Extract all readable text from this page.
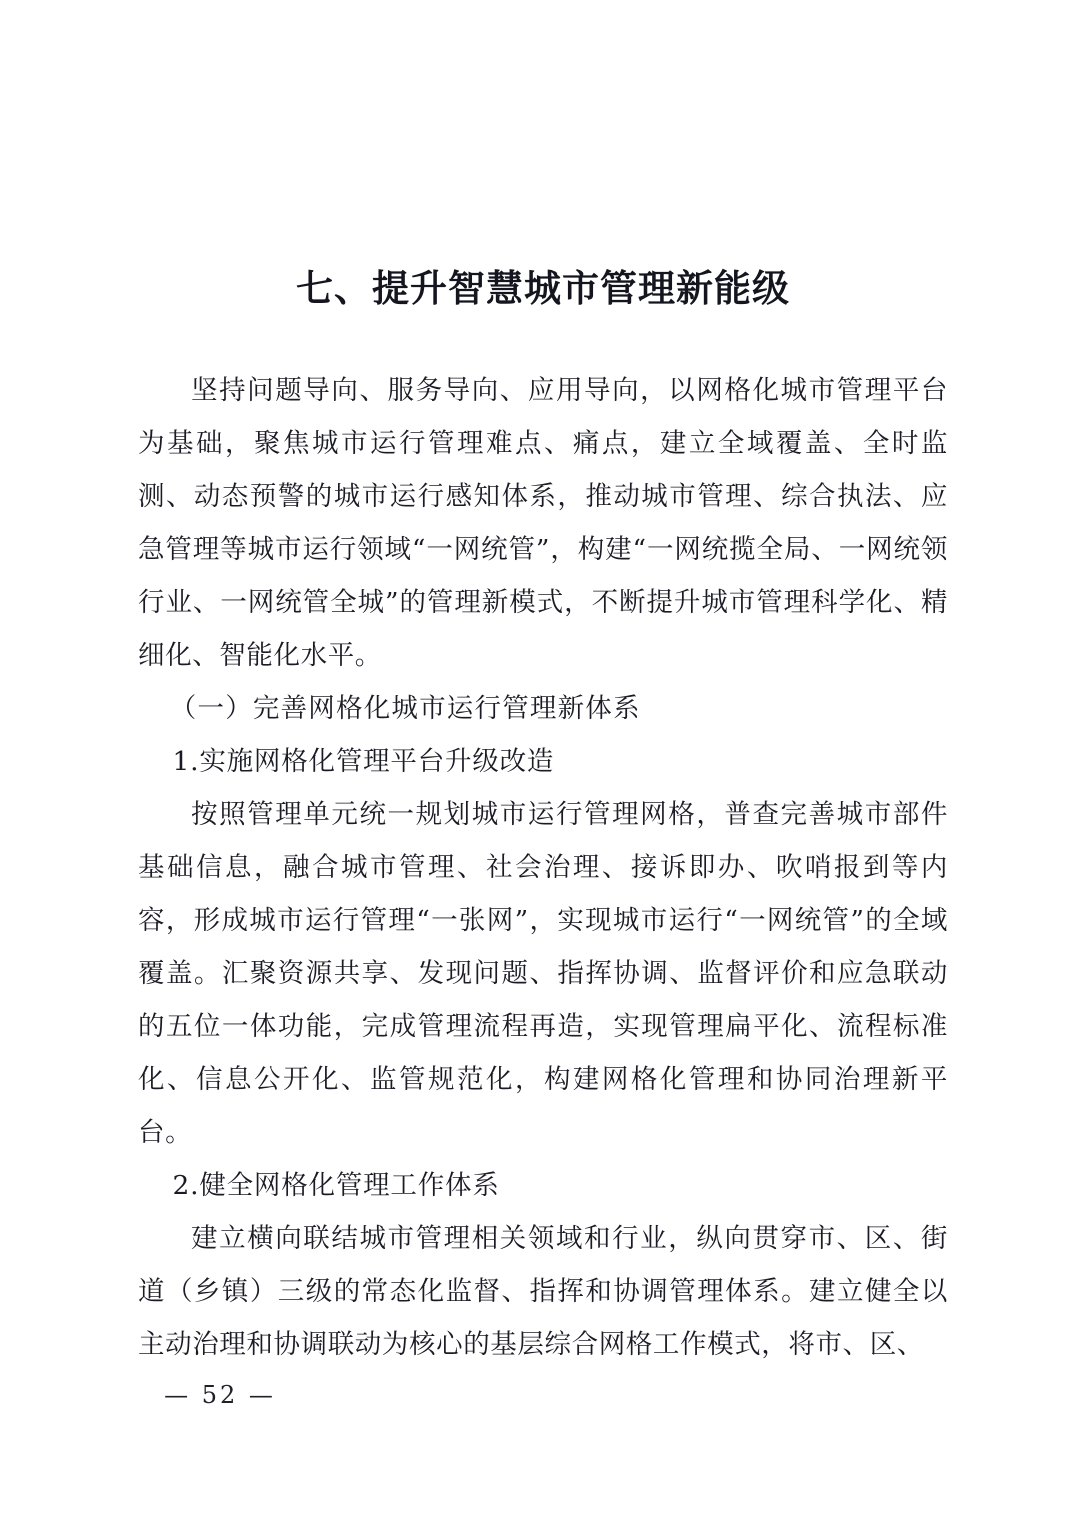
七、提升智慧城市管理新能级

坚持问题导向、服务导向、应用导向，以网格化城市管理平台为基础，聚焦城市运行管理难点、痛点，建立全域覆盖、全时监测、动态预警的城市运行感知体系，推动城市管理、综合执法、应急管理等城市运行领域“一网统管”，构建“一网统揽全局、一网统领行业、一网统管全城”的管理新模式，不断提升城市管理科学化、精细化、智能化水平。

（一）完善网格化城市运行管理新体系

1.实施网格化管理平台升级改造

按照管理单元统一规划城市运行管理网格，普查完善城市部件基础信息，融合城市管理、社会治理、接诉即办、吹哨报到等内容，形成城市运行管理“一张网”，实现城市运行“一网统管”的全域覆盖。汇聚资源共享、发现问题、指挥协调、监督评价和应急联动的五位一体功能，完成管理流程再造，实现管理扁平化、流程标准化、信息公开化、监管规范化，构建网格化管理和协同治理新平台。

2.健全网格化管理工作体系

建立横向联结城市管理相关领域和行业，纵向贯穿市、区、街道（乡镇）三级的常态化监督、指挥和协调管理体系。建立健全以主动治理和协调联动为核心的基层综合网格工作模式，将市、区、

— 52 —
